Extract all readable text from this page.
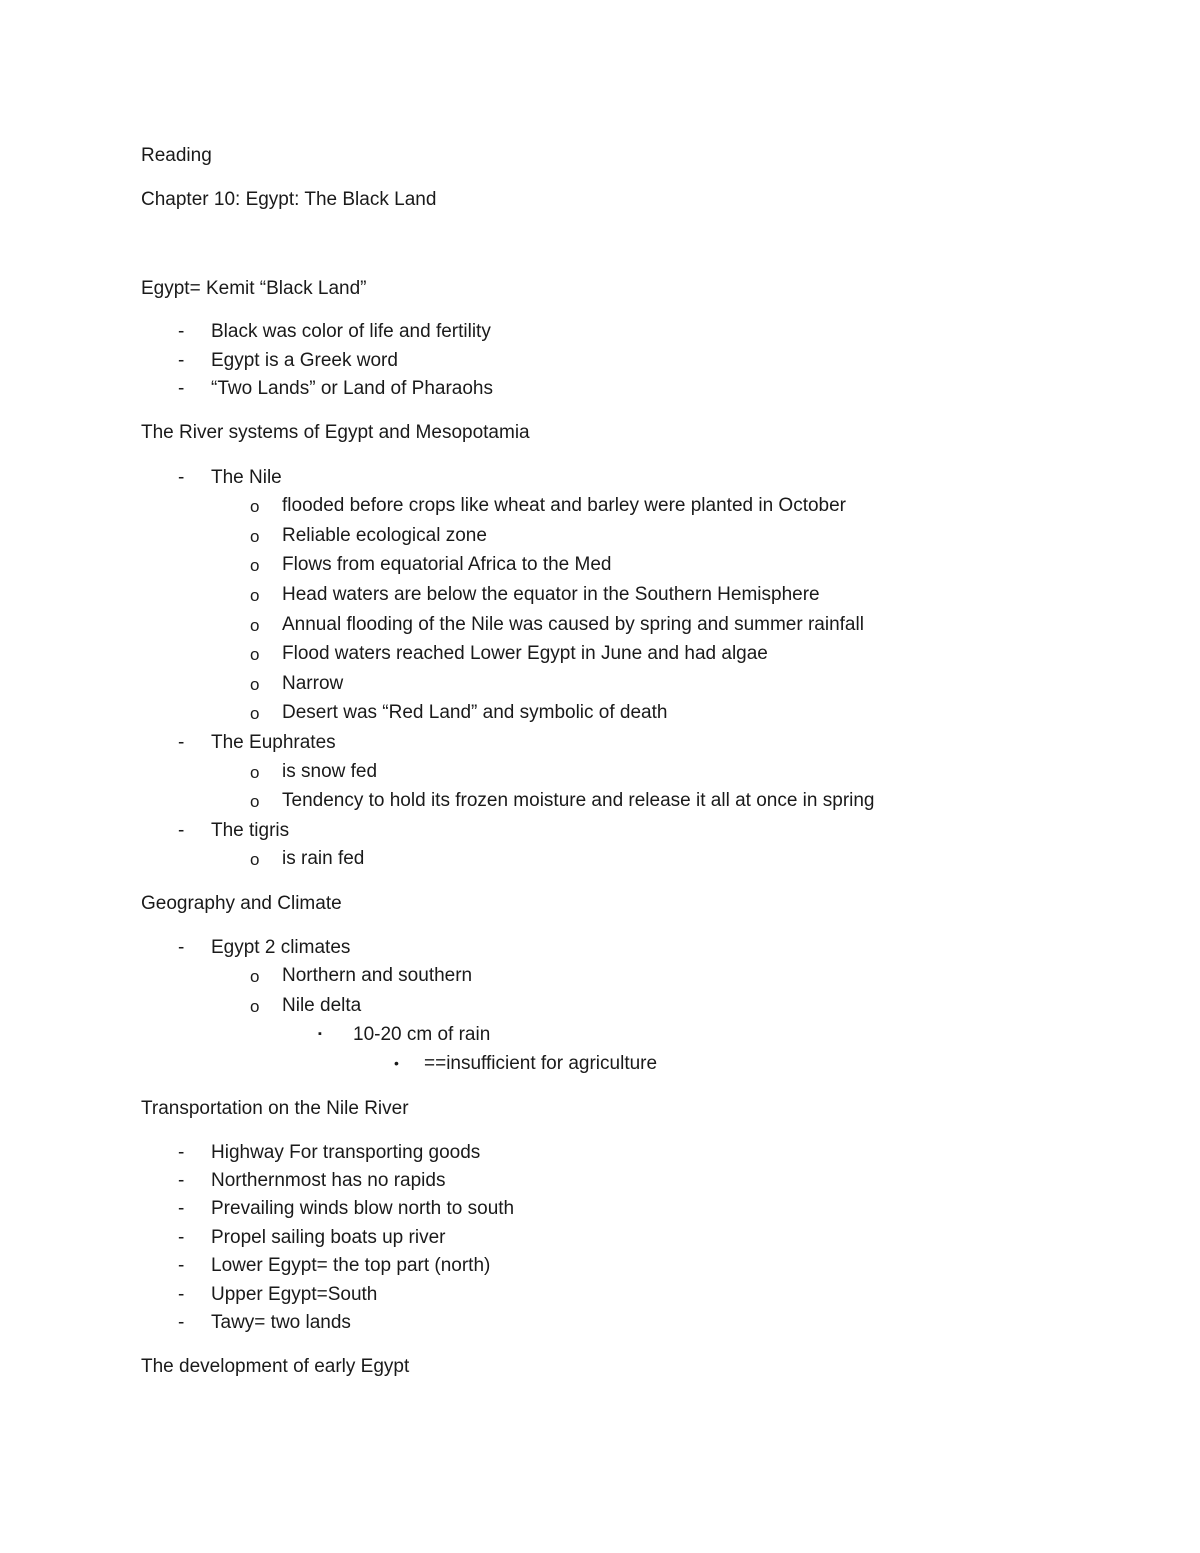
Reading
Chapter 10: Egypt: The Black Land
Egypt= Kemit “Black Land”
- Black was color of life and fertility
- Egypt is a Greek word
- “Two Lands” or Land of Pharaohs
The River systems of Egypt and Mesopotamia
- The Nile
o flooded before crops like wheat and barley were planted in October
o Reliable ecological zone
o Flows from equatorial Africa to the Med
o Head waters are below the equator in the Southern Hemisphere
o Annual flooding of the Nile was caused by spring and summer rainfall
o Flood waters reached Lower Egypt in June and had algae
o Narrow
o Desert was “Red Land” and symbolic of death
- The Euphrates
o is snow fed
o Tendency to hold its frozen moisture and release it all at once in spring
- The tigris
o is rain fed
Geography and Climate
- Egypt 2 climates
o Northern and southern
o Nile delta
▪ 10-20 cm of rain
• ==insufficient for agriculture
Transportation on the Nile River
- Highway For transporting goods
- Northernmost has no rapids
- Prevailing winds blow north to south
- Propel sailing boats up river
- Lower Egypt= the top part (north)
- Upper Egypt=South
- Tawy= two lands
The development of early Egypt
